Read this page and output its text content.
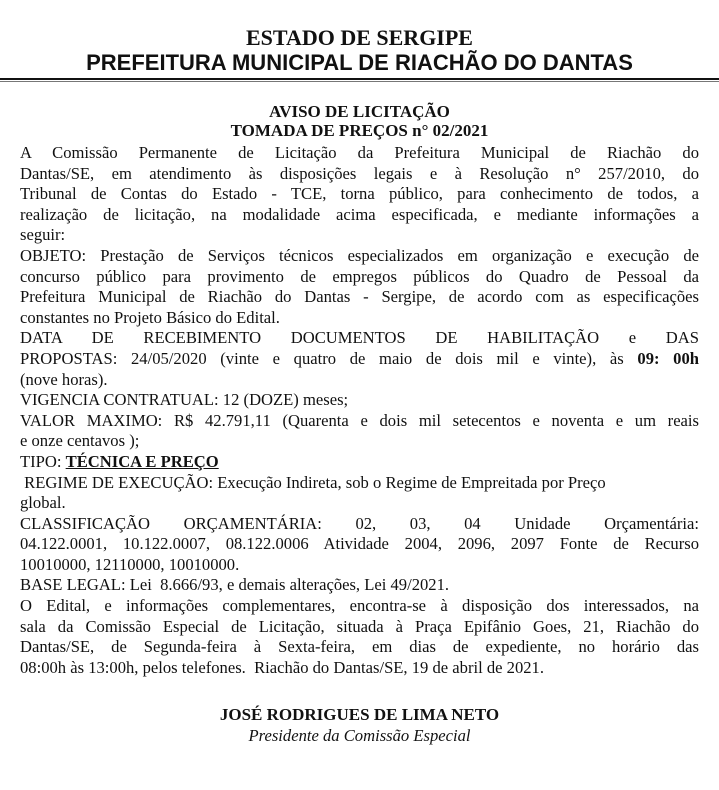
ESTADO DE SERGIPE
PREFEITURA MUNICIPAL DE RIACHÃO DO DANTAS
AVISO DE LICITAÇÃO
TOMADA DE PREÇOS n° 02/2021
A Comissão Permanente de Licitação da Prefeitura Municipal de Riachão do
Dantas/SE, em atendimento às disposições legais e à Resolução n° 257/2010, do
Tribunal de Contas do Estado - TCE, torna público, para conhecimento de todos, a
realização de licitação, na modalidade acima especificada, e mediante informações a
seguir:
OBJETO: Prestação de Serviços técnicos especializados em organização e execução de
concurso público para provimento de empregos públicos do Quadro de Pessoal da
Prefeitura Municipal de Riachão do Dantas - Sergipe, de acordo com as especificações
constantes no Projeto Básico do Edital.
DATA DE RECEBIMENTO DOCUMENTOS DE HABILITAÇÃO e DAS
PROPOSTAS: 24/05/2020 (vinte e quatro de maio de dois mil e vinte), às 09: 00h
(nove horas).
VIGENCIA CONTRATUAL: 12 (DOZE) meses;
VALOR MAXIMO: R$ 42.791,11 (Quarenta e dois mil setecentos e noventa e um reais
e onze centavos );
TIPO: TÉCNICA E PREÇO
REGIME DE EXECUÇÃO: Execução Indireta, sob o Regime de Empreitada por Preço
global.
CLASSIFICAÇÃO ORÇAMENTÁRIA: 02, 03, 04 Unidade Orçamentária:
04.122.0001, 10.122.0007, 08.122.0006 Atividade 2004, 2096, 2097 Fonte de Recurso
10010000, 12110000, 10010000.
BASE LEGAL: Lei  8.666/93, e demais alterações, Lei 49/2021.
O Edital, e informações complementares, encontra-se à disposição dos interessados, na
sala da Comissão Especial de Licitação, situada à Praça Epifânio Goes, 21, Riachão do
Dantas/SE, de Segunda-feira à Sexta-feira, em dias de expediente, no horário das
08:00h às 13:00h, pelos telefones.  Riachão do Dantas/SE, 19 de abril de 2021.
JOSÉ RODRIGUES DE LIMA NETO
Presidente da Comissão Especial
